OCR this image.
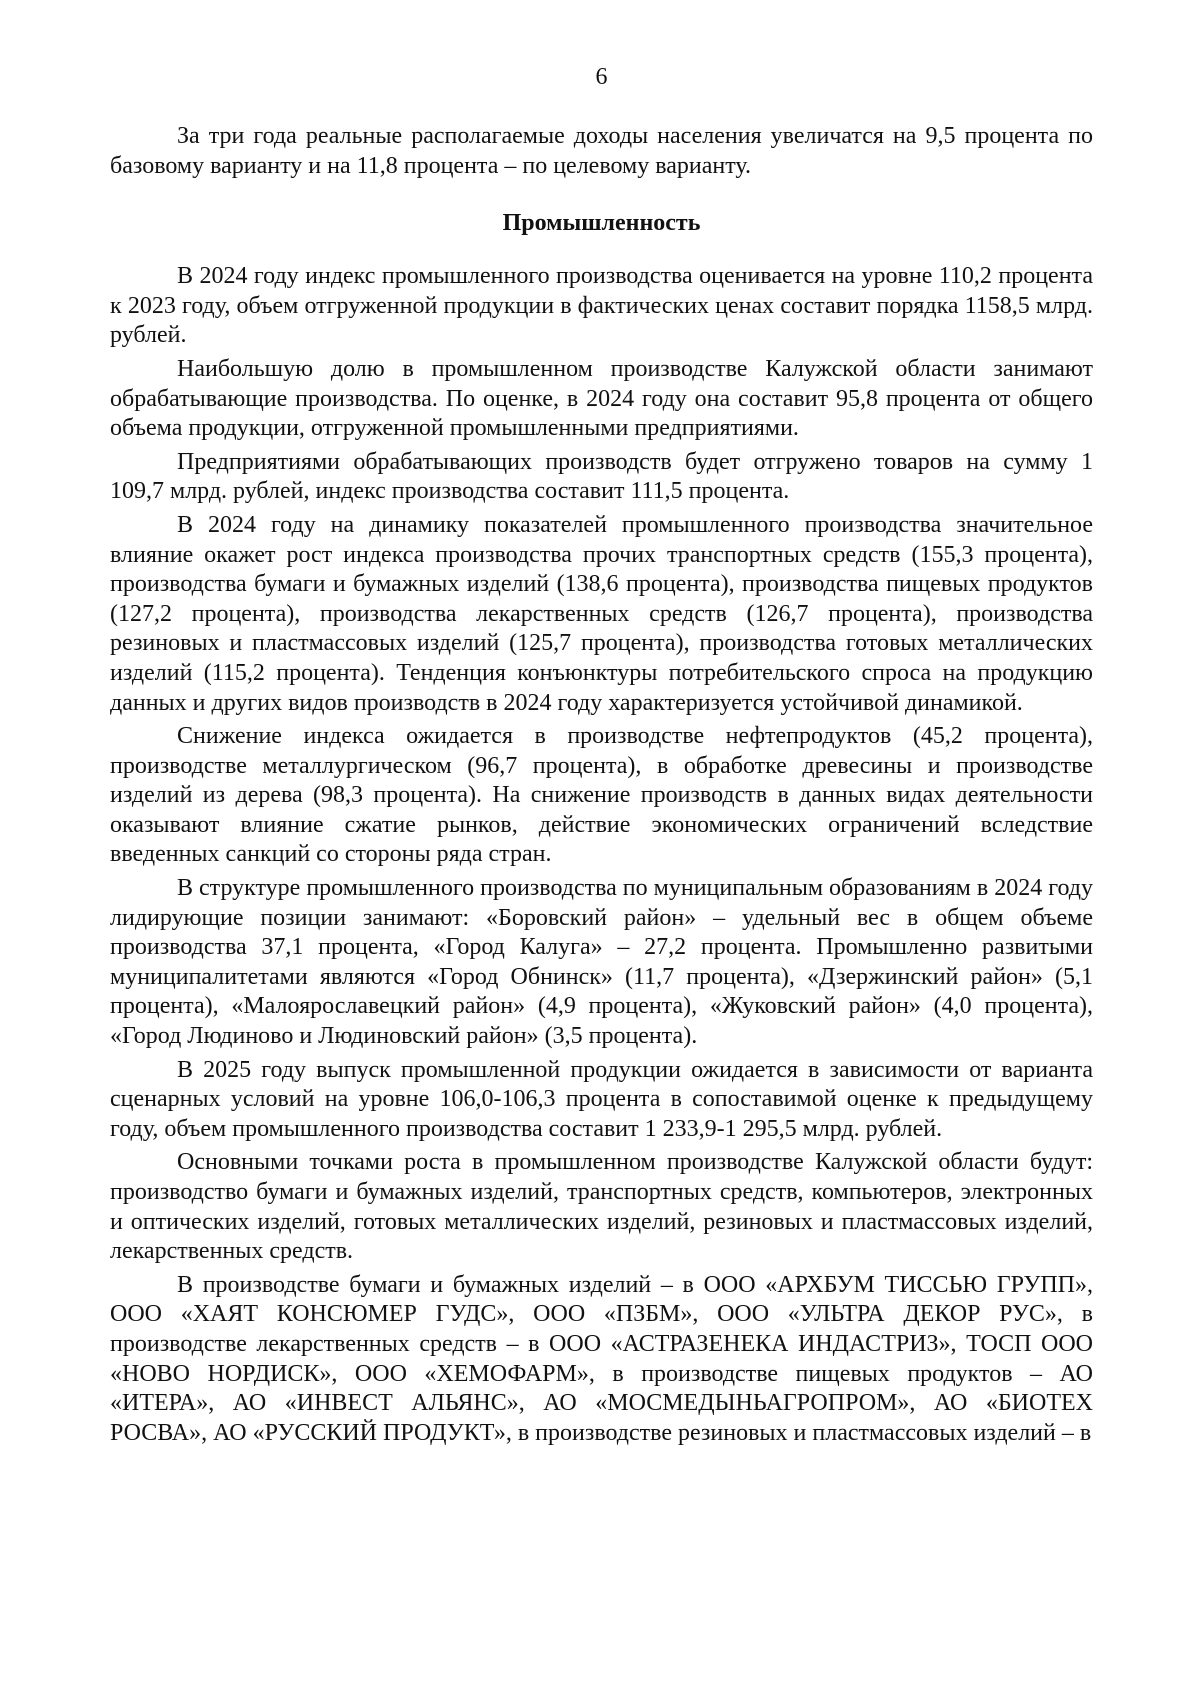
6

За три года реальные располагаемые доходы населения увеличатся на 9,5 процента по базовому варианту и на 11,8 процента – по целевому варианту.

Промышленность

В 2024 году индекс промышленного производства оценивается на уровне 110,2 процента к 2023 году, объем отгруженной продукции в фактических ценах составит порядка 1158,5 млрд. рублей.

Наибольшую долю в промышленном производстве Калужской области занимают обрабатывающие производства. По оценке, в 2024 году она составит 95,8 процента от общего объема продукции, отгруженной промышленными предприятиями.

Предприятиями обрабатывающих производств будет отгружено товаров на сумму 1 109,7 млрд. рублей, индекс производства составит 111,5 процента.

В 2024 году на динамику показателей промышленного производства значительное влияние окажет рост индекса производства прочих транспортных средств (155,3 процента), производства бумаги и бумажных изделий (138,6 процента), производства пищевых продуктов (127,2 процента), производства лекарственных средств (126,7 процента), производства резиновых и пластмассовых изделий (125,7 процента), производства готовых металлических изделий (115,2 процента). Тенденция конъюнктуры потребительского спроса на продукцию данных и других видов производств в 2024 году характеризуется устойчивой динамикой.

Снижение индекса ожидается в производстве нефтепродуктов (45,2 процента), производстве металлургическом (96,7 процента), в обработке древесины и производстве изделий из дерева (98,3 процента). На снижение производств в данных видах деятельности оказывают влияние сжатие рынков, действие экономических ограничений вследствие введенных санкций со стороны ряда стран.

В структуре промышленного производства по муниципальным образованиям в 2024 году лидирующие позиции занимают: «Боровский район» – удельный вес в общем объеме производства 37,1 процента, «Город Калуга» – 27,2 процента. Промышленно развитыми муниципалитетами являются «Город Обнинск» (11,7 процента), «Дзержинский район» (5,1 процента), «Малоярославецкий район» (4,9 процента), «Жуковский район» (4,0 процента), «Город Людиново и Людиновский район» (3,5 процента).

В 2025 году выпуск промышленной продукции ожидается в зависимости от варианта сценарных условий на уровне 106,0-106,3 процента в сопоставимой оценке к предыдущему году, объем промышленного производства составит 1 233,9-1 295,5 млрд. рублей.

Основными точками роста в промышленном производстве Калужской области будут: производство бумаги и бумажных изделий, транспортных средств, компьютеров, электронных и оптических изделий, готовых металлических изделий, резиновых и пластмассовых изделий, лекарственных средств.

В производстве бумаги и бумажных изделий – в ООО «АРХБУМ ТИССЬЮ ГРУПП», ООО «ХАЯТ КОНСЮМЕР ГУДС», ООО «ПЗБМ», ООО «УЛЬТРА ДЕКОР РУС», в производстве лекарственных средств – в ООО «АСТРАЗЕНЕКА ИНДАСТРИЗ», ТОСП ООО «НОВО НОРДИСК», ООО «ХЕМОФАРМ», в производстве пищевых продуктов – АО «ИТЕРА», АО «ИНВЕСТ АЛЬЯНС», АО «МОСМЕДЫНЬАГРОПРОМ», АО «БИОТЕХ РОСВА», АО «РУССКИЙ ПРОДУКТ», в производстве резиновых и пластмассовых изделий – в
